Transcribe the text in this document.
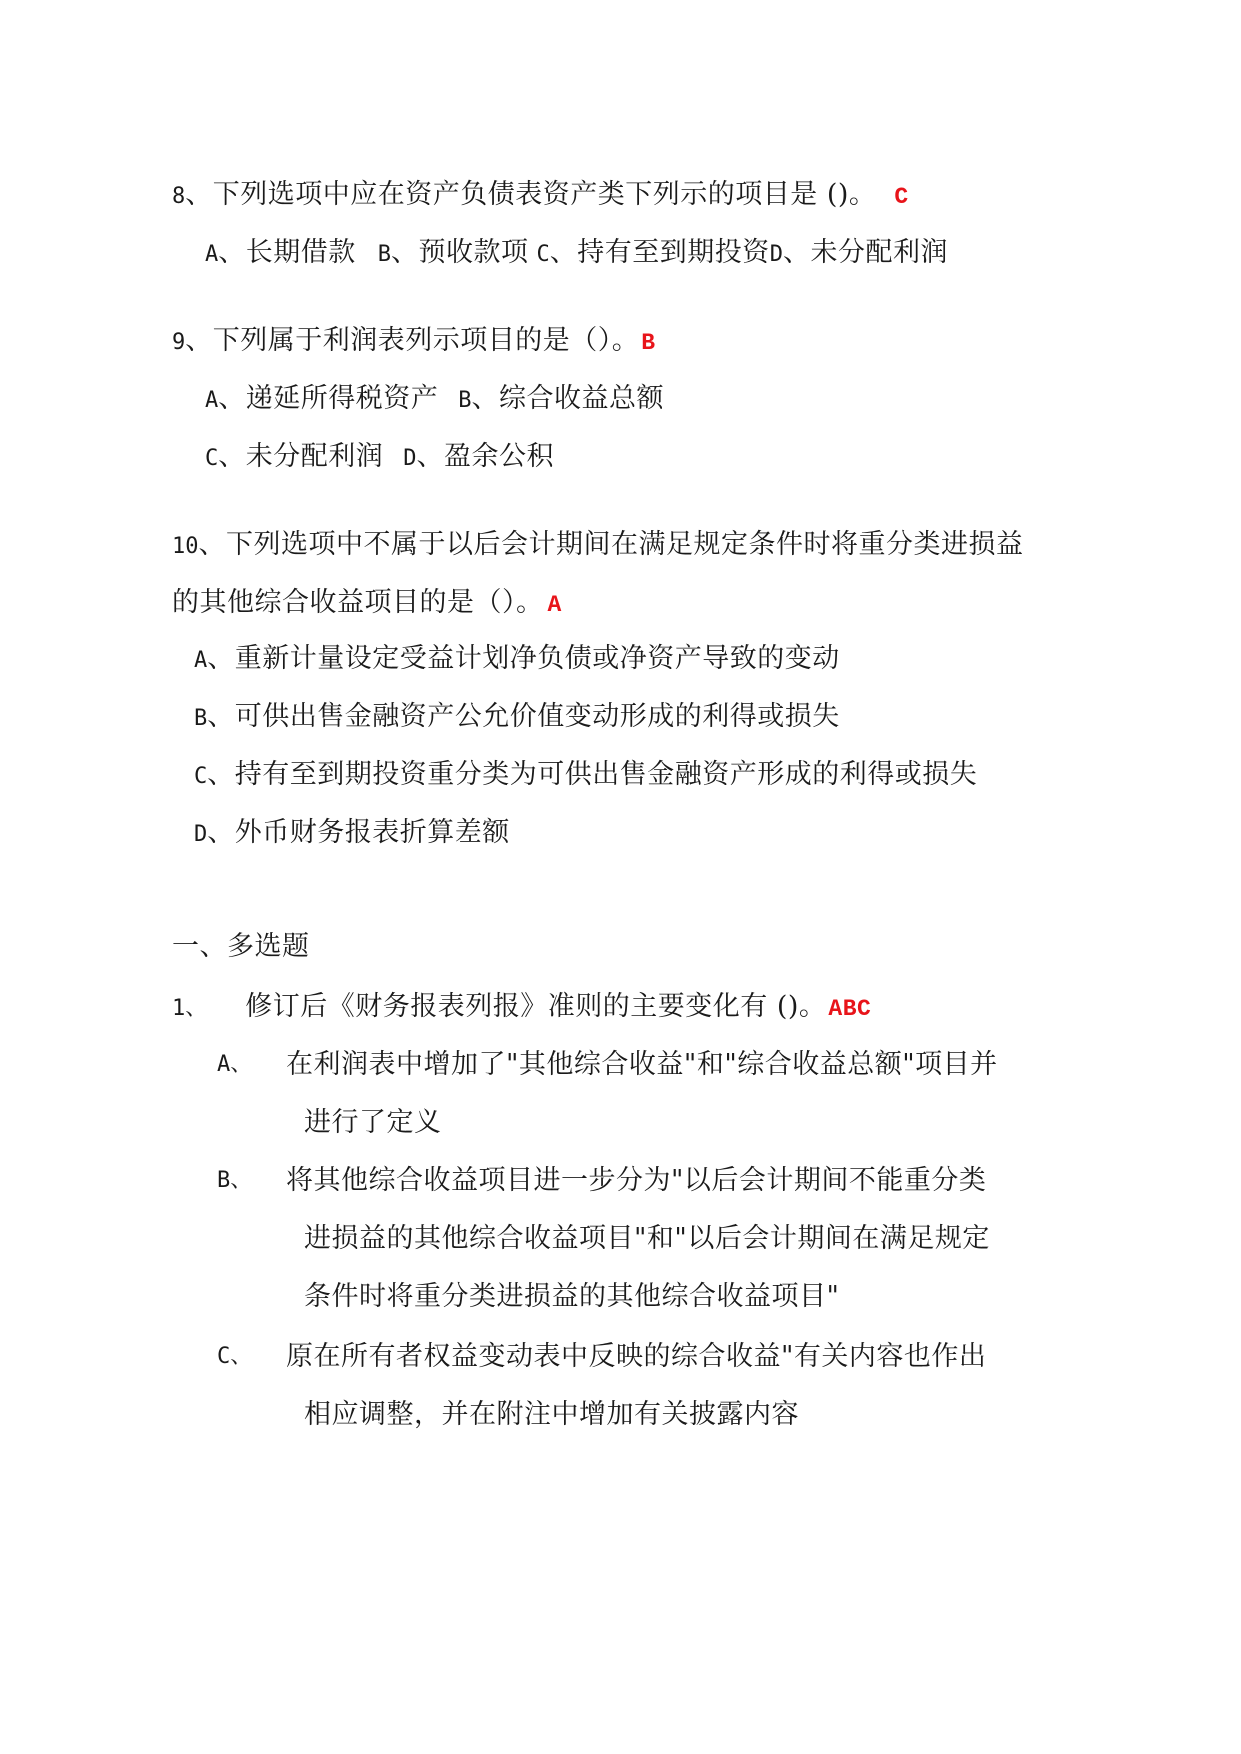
8、下列选项中应在资产负债表资产类下列示的项目是 ()。 C
A、长期借款 B、预收款项 C、持有至到期投资D、未分配利润
9、下列属于利润表列示项目的是（）。B
A、递延所得税资产 B、综合收益总额
C、未分配利润 D、盈余公积
10、下列选项中不属于以后会计期间在满足规定条件时将重分类进损益
的其他综合收益项目的是（）。 A
A、重新计量设定受益计划净负债或净资产导致的变动
B、可供出售金融资产公允价值变动形成的利得或损失
C、持有至到期投资重分类为可供出售金融资产形成的利得或损失
D、外币财务报表折算差额
一、多选题
1、 修订后《财务报表列报》准则的主要变化有 ()。ABC
A、 在利润表中增加了"其他综合收益"和"综合收益总额"项目并
进行了定义
B、 将其他综合收益项目进一步分为"以后会计期间不能重分类
进损益的其他综合收益项目"和"以后会计期间在满足规定
条件时将重分类进损益的其他综合收益项目"
C、 原在所有者权益变动表中反映的综合收益"有关内容也作出
相应调整，并在附注中增加有关披露内容
